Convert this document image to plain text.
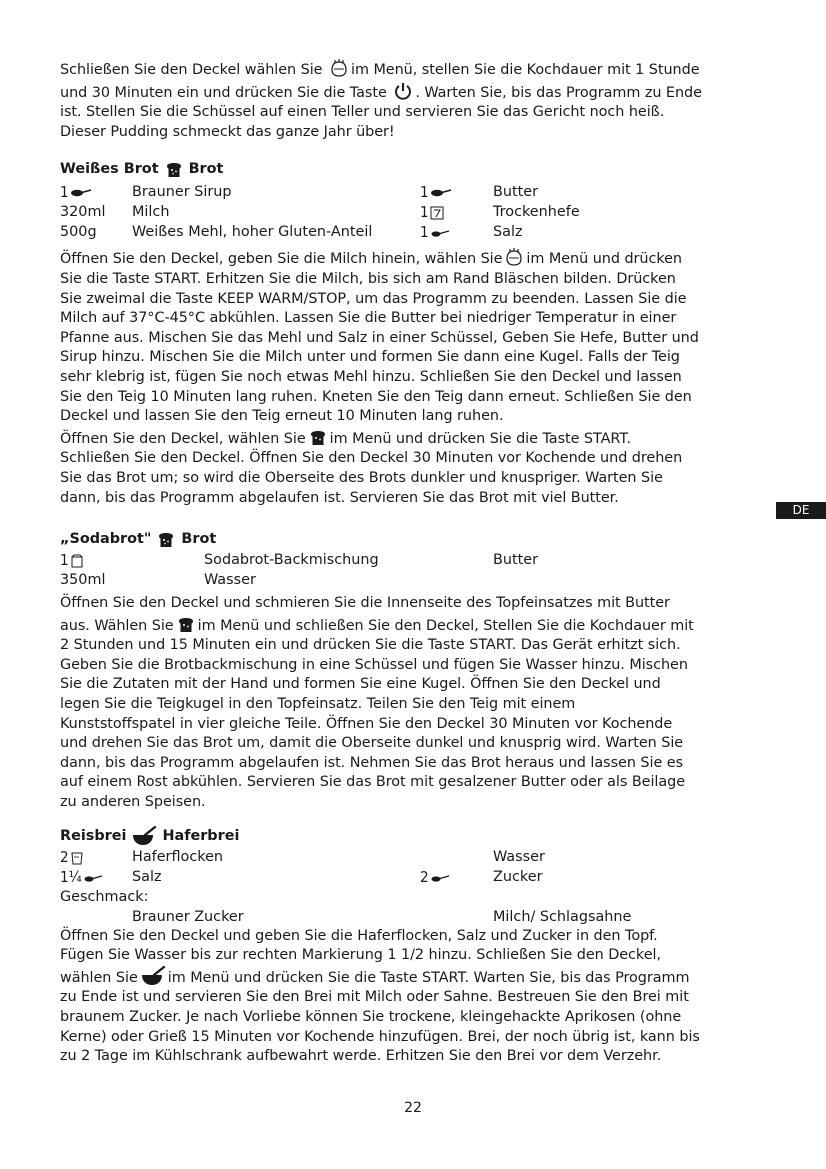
Schließen Sie den Deckel wählen Sie im Menü, stellen Sie die Kochdauer mit 1 Stunde
und 30 Minuten ein und drücken Sie die Taste . Warten Sie, bis das Programm zu Ende
ist. Stellen Sie die Schüssel auf einen Teller und servieren Sie das Gericht noch heiß.
Dieser Pudding schmeckt das ganze Jahr über!

Weißes Brot Brot
1	Brauner Sirup	1	Butter
320ml Milch	1	Trockenhefe
500g Weißes Mehl, hoher Gluten-Anteil	1	Salz

Öffnen Sie den Deckel, geben Sie die Milch hinein, wählen Sie im Menü und drücken
Sie die Taste START. Erhitzen Sie die Milch, bis sich am Rand Bläschen bilden. Drücken
Sie zweimal die Taste KEEP WARM/STOP, um das Programm zu beenden. Lassen Sie die
Milch auf 37°C-45°C abkühlen. Lassen Sie die Butter bei niedriger Temperatur in einer
Pfanne aus. Mischen Sie das Mehl und Salz in einer Schüssel, Geben Sie Hefe, Butter und
Sirup hinzu. Mischen Sie die Milch unter und formen Sie dann eine Kugel. Falls der Teig
sehr klebrig ist, fügen Sie noch etwas Mehl hinzu. Schließen Sie den Deckel und lassen
Sie den Teig 10 Minuten lang ruhen. Kneten Sie den Teig dann erneut. Schließen Sie den
Deckel und lassen Sie den Teig erneut 10 Minuten lang ruhen.
Öffnen Sie den Deckel, wählen Sie im Menü und drücken Sie die Taste START.
Schließen Sie den Deckel. Öffnen Sie den Deckel 30 Minuten vor Kochende und drehen
Sie das Brot um; so wird die Oberseite des Brots dunkler und knuspriger. Warten Sie
dann, bis das Programm abgelaufen ist. Servieren Sie das Brot mit viel Butter.

„Sodabrot" Brot
1	Sodabrot-Backmischung	Butter
350ml	Wasser

Öffnen Sie den Deckel und schmieren Sie die Innenseite des Topfeinsatzes mit Butter
aus. Wählen Sie im Menü und schließen Sie den Deckel, Stellen Sie die Kochdauer mit
2 Stunden und 15 Minuten ein und drücken Sie die Taste START. Das Gerät erhitzt sich.
Geben Sie die Brotbackmischung in eine Schüssel und fügen Sie Wasser hinzu. Mischen
Sie die Zutaten mit der Hand und formen Sie eine Kugel. Öffnen Sie den Deckel und
legen Sie die Teigkugel in den Topfeinsatz. Teilen Sie den Teig mit einem
Kunststoffspatel in vier gleiche Teile. Öffnen Sie den Deckel 30 Minuten vor Kochende
und drehen Sie das Brot um, damit die Oberseite dunkel und knusprig wird. Warten Sie
dann, bis das Programm abgelaufen ist. Nehmen Sie das Brot heraus und lassen Sie es
auf einem Rost abkühlen. Servieren Sie das Brot mit gesalzener Butter oder als Beilage
zu anderen Speisen.

Reisbrei	Haferbrei
2	Haferflocken	Wasser
1¼	Salz	2	Zucker
Geschmack:
Brauner Zucker	Milch/ Schlagsahne

Öffnen Sie den Deckel und geben Sie die Haferflocken, Salz und Zucker in den Topf.
Fügen Sie Wasser bis zur rechten Markierung 1 1/2 hinzu. Schließen Sie den Deckel,
wählen Sie im Menü und drücken Sie die Taste START. Warten Sie, bis das Programm
zu Ende ist und servieren Sie den Brei mit Milch oder Sahne. Bestreuen Sie den Brei mit
braunem Zucker. Je nach Vorliebe können Sie trockene, kleingehackte Aprikosen (ohne
Kerne) oder Grieß 15 Minuten vor Kochende hinzufügen. Brei, der noch übrig ist, kann bis
zu 2 Tage im Kühlschrank aufbewahrt werde. Erhitzen Sie den Brei vor dem Verzehr.

DE
22
